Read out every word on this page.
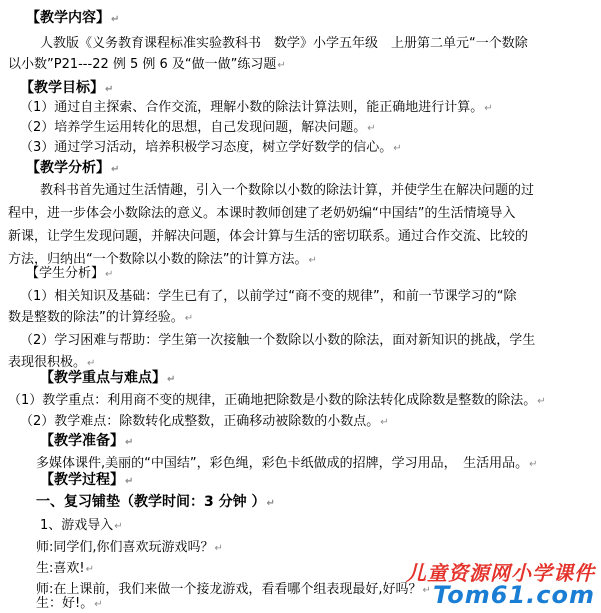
【教学内容】↵
人教版《义务教育课程标准实验教科书　数学》小学五年级　上册第二单元“一个数除
以小数”P21---22 例 5 例 6 及“做一做”练习题↵
【教学目标】↵
（1）通过自主探索、合作交流，理解小数的除法计算法则，能正确地进行计算。↵
（2）培养学生运用转化的思想，自己发现问题，解决问题。↵
（3）通过学习活动，培养积极学习态度，树立学好数学的信心。↵
【教学分析】↵
教科书首先通过生活情趣，引入一个数除以小数的除法计算，并使学生在解决问题的过
程中，进一步体会小数除法的意义。本课时教师创建了老奶奶编“中国结”的生活情境导入
新课，让学生发现问题，并解决问题，体会计算与生活的密切联系。通过合作交流、比较的
方法，归纳出“一个数除以小数的除法”的计算方法。↵
【学生分析】↵
（1）相关知识及基础：学生已有了，以前学过“商不变的规律”，和前一节课学习的“除
数是整数的除法”的计算经验。↵
（2）学习困难与帮助：学生第一次接触一个数除以小数的除法，面对新知识的挑战，学生
表现很积极。↵
【教学重点与难点】↵
（1）教学重点：利用商不变的规律，正确地把除数是小数的除法转化成除数是整数的除法。↵
（2）教学难点：除数转化成整数，正确移动被除数的小数点。↵
【教学准备】↵
多媒体课件,美丽的“中国结”，彩色绳，彩色卡纸做成的招牌，学习用品，　生活用品。↵
【教学过程】↵
一、复习铺垫（教学时间：3 分钟 ）↵
1、游戏导入↵
师:同学们,你们喜欢玩游戏吗？↵
生:喜欢!↵
师:在上课前，我们来做一个接龙游戏，看看哪个组表现最好,好吗？↵
生：好!。↵
儿童资源网小学课件
Tom61.com
